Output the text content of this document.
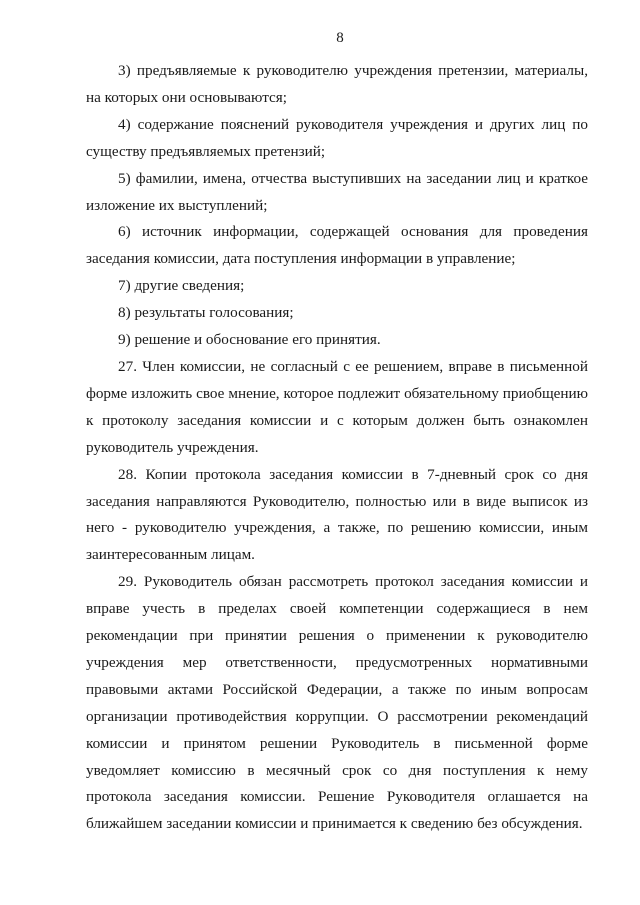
8

3) предъявляемые к руководителю учреждения претензии, материалы, на которых они основываются;

4) содержание пояснений руководителя учреждения и других лиц по существу предъявляемых претензий;

5) фамилии, имена, отчества выступивших на заседании лиц и краткое изложение их выступлений;

6) источник информации, содержащей основания для проведения заседания комиссии, дата поступления информации в управление;

7) другие сведения;

8) результаты голосования;

9) решение и обоснование его принятия.

27. Член комиссии, не согласный с ее решением, вправе в письменной форме изложить свое мнение, которое подлежит обязательному приобщению к протоколу заседания комиссии и с которым должен быть ознакомлен руководитель учреждения.

28. Копии протокола заседания комиссии в 7-дневный срок со дня заседания направляются Руководителю, полностью или в виде выписок из него - руководителю учреждения, а также, по решению комиссии, иным заинтересованным лицам.

29. Руководитель обязан рассмотреть протокол заседания комиссии и вправе учесть в пределах своей компетенции содержащиеся в нем рекомендации при принятии решения о применении к руководителю учреждения мер ответственности, предусмотренных нормативными правовыми актами Российской Федерации, а также по иным вопросам организации противодействия коррупции. О рассмотрении рекомендаций комиссии и принятом решении Руководитель в письменной форме уведомляет комиссию в месячный срок со дня поступления к нему протокола заседания комиссии. Решение Руководителя оглашается на ближайшем заседании комиссии и принимается к сведению без обсуждения.
